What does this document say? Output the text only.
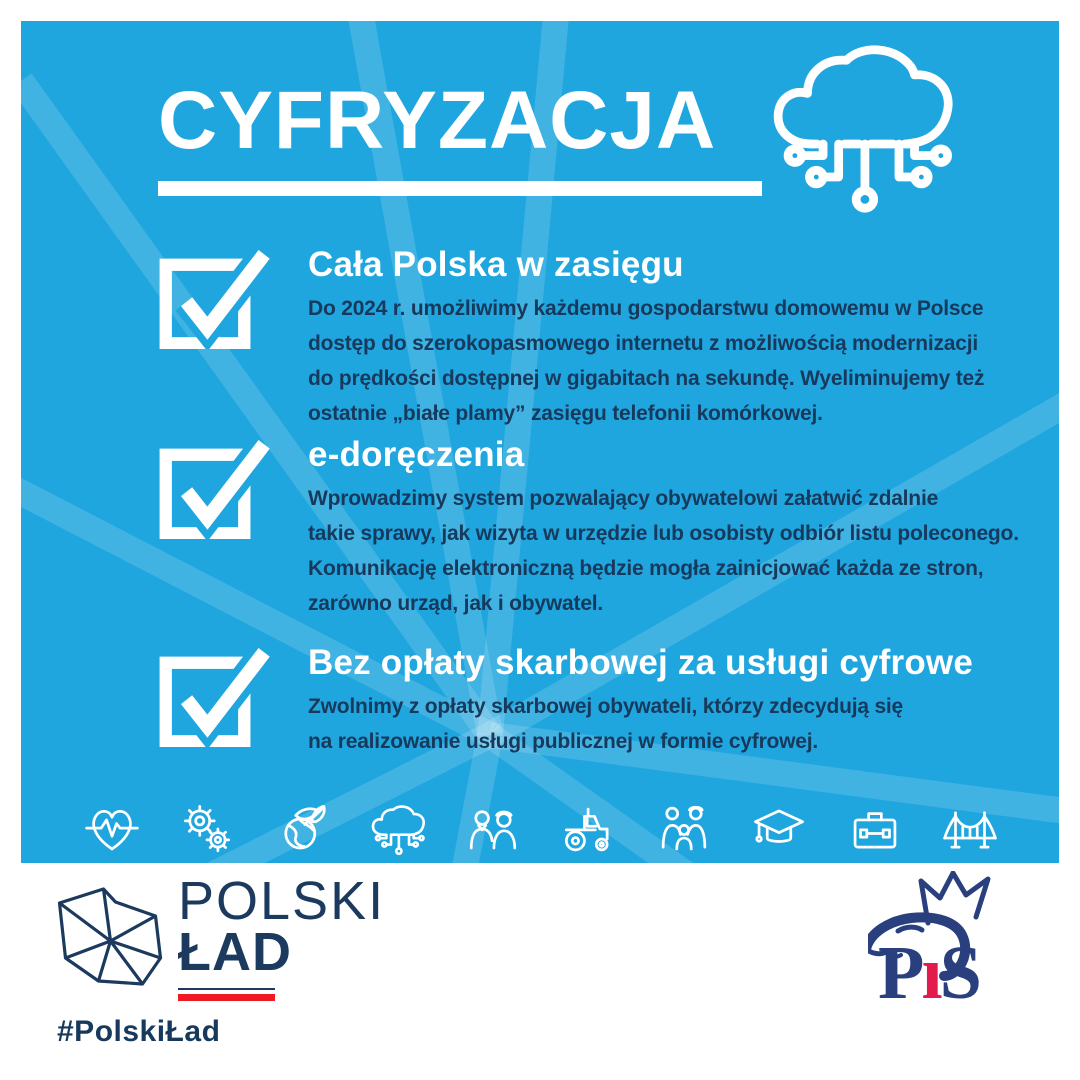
CYFRYZACJA
Cała Polska w zasięgu
Do 2024 r. umożliwimy każdemu gospodarstwu domowemu w Polsce
dostęp do szerokopasmowego internetu z możliwością modernizacji
do prędkości dostępnej w gigabitach na sekundę. Wyeliminujemy też
ostatnie „białe plamy” zasięgu telefonii komórkowej.
e-doręczenia
Wprowadzimy system pozwalający obywatelowi załatwić zdalnie
takie sprawy, jak wizyta w urzędzie lub osobisty odbiór listu poleconego.
Komunikację elektroniczną będzie mogła zainicjować każda ze stron,
zarówno urząd, jak i obywatel.
Bez opłaty skarbowej za usługi cyfrowe
Zwolnimy z opłaty skarbowej obywateli, którzy zdecydują się
na realizowanie usługi publicznej w formie cyfrowej.
POLSKI
ŁAD	PıS
#PolskiŁad
